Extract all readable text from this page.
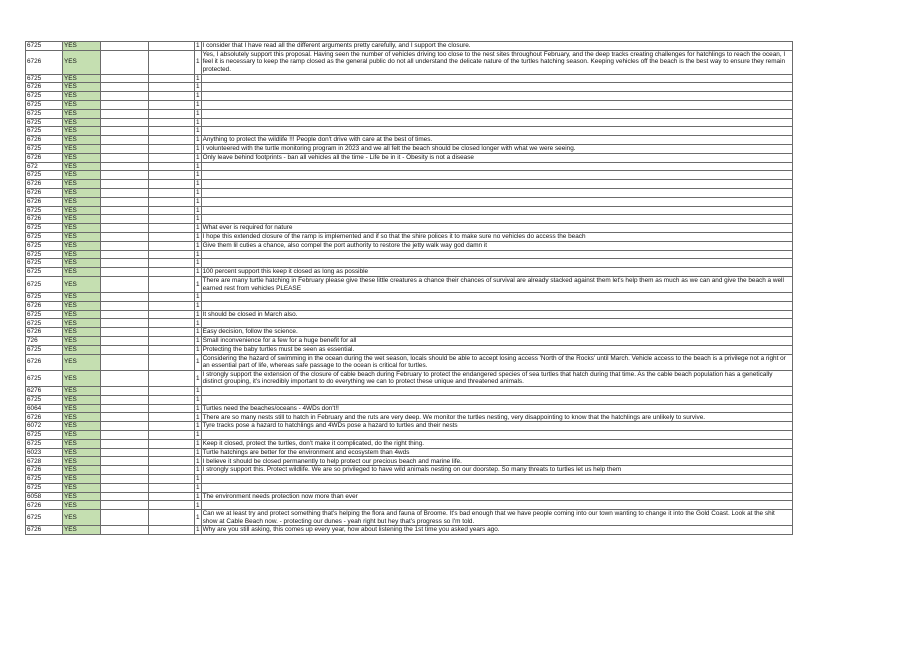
6725	YES			1	I consider that I have read all the different arguments pretty carefully, and I support the closure.
6726	YES			1	Yes, I absolutely support this proposal. Having seen the number of vehicles driving too close to the nest sites throughout February, and the deep tracks creating challenges for hatchlings to reach the ocean, I feel it is necessary to keep the ramp closed as the general public do not all understand the delicate nature of the turtles hatching season. Keeping vehicles off the beach is the best way to ensure they remain protected.
6725	YES			1	
6726	YES			1	
6725	YES			1	
6725	YES			1	
6725	YES			1	
6725	YES			1	
6725	YES			1	
6726	YES			1	Anything to protect the wildlife !!! People don't drive with care at the best of times.
6725	YES			1	I volunteered with the turtle monitoring program in 2023 and we all felt the beach should be closed longer with what we were seeing.
6726	YES			1	Only leave behind footprints - ban all vehicles all the time - Life be in it - Obesity is not a disease
672	YES			1	
6725	YES			1	
6726	YES			1	
6726	YES			1	
6726	YES			1	
6725	YES			1	
6726	YES			1	
6725	YES			1	What ever is required for nature
6725	YES			1	I hope this extended closure of the ramp is implemented and if so that the shire polices it to make sure no vehicles do access the beach
6725	YES			1	Give them lil cuties a chance, also compel the port authority to restore the jetty walk way god damn it
6725	YES			1	
6725	YES			1	
6725	YES			1	100 percent support this keep it closed as long as possible
6725	YES			1	There are many turtle hatching in February please give these little creatures a chance their chances of survival are already stacked against them let's help them as much as we can and give the beach a well earned rest from vehicles PLEASE
6725	YES			1	
6726	YES			1	
6725	YES			1	It should be closed in March also.
6725	YES			1	
6726	YES			1	Easy decision, follow the science.
726	YES			1	Small inconvenience for a few for a huge benefit for all
6725	YES			1	Protecting the baby turtles must be seen as essential.
6726	YES			1	Considering the hazard of swimming in the ocean during the wet season, locals should be able to accept losing access 'North of the Rocks' until March. Vehicle access to the beach is a privilege not a right or an essential part of life, whereas safe passage to the ocean is critical for turtles.
6725	YES			1	I strongly support the extension of the closure of cable beach during February to protect the endangered species of sea turtles that hatch during that time. As the cable beach population has a genetically distinct grouping, it's incredibly important to do everything we can to protect these unique and threatened animals.
6276	YES			1	
6725	YES			1	
6064	YES			1	Turtles need the beaches/oceans - 4WDs don't!!
6726	YES			1	There are so many nests still to hatch in February and the ruts are very deep. We monitor the turtles nesting, very disappointing to know that the hatchlings are unlikely to survive.
6072	YES			1	Tyre tracks pose a hazard to hatchlings and 4WDs pose a hazard to turtles and their nests
6725	YES			1	
6725	YES			1	Keep it closed, protect the turtles, don't make it complicated, do the right thing.
6023	YES			1	Turtle hatchings are better for the environment and ecosystem than 4wds
6728	YES			1	I believe it should be closed permanently to help protect our precious beach and marine life.
6726	YES			1	I strongly support this. Protect wildlife. We are so privileged to have wild animals nesting on our doorstep. So many threats to turtles let us help them
6725	YES			1	
6725	YES			1	
6058	YES			1	The environment needs protection now more than ever
6726	YES			1	
6725	YES			1	Can we at least try and protect something that's helping the flora and fauna of Broome. It's bad enough that we have people coming into our town wanting to change it into the Gold Coast. Look at the shit show at Cable Beach now. - protecting our dunes - yeah right but hey that's progress so I'm told.
6726	YES			1	Why are you still asking, this comes up every year, how about listening the 1st time you asked years ago.
